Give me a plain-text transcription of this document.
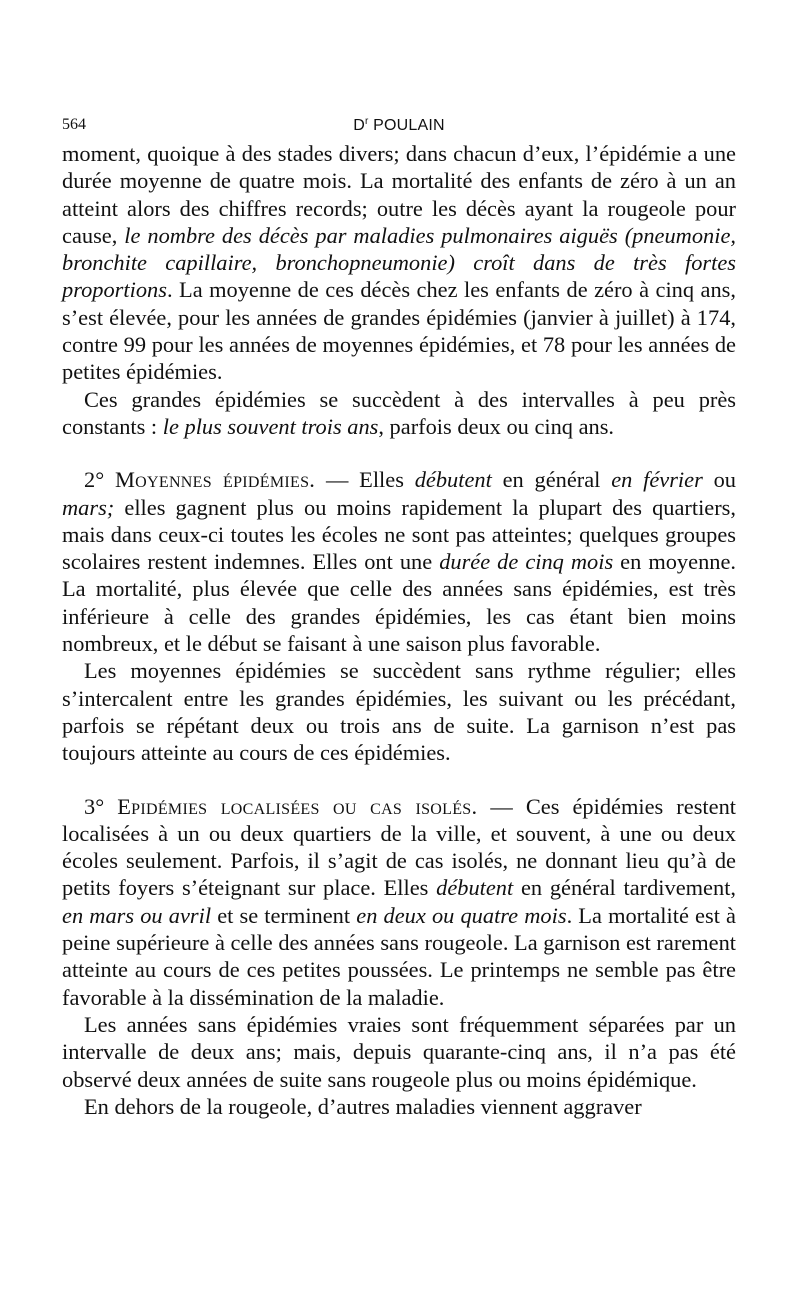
564	$D^r$ POULAIN

moment, quoique à des stades divers; dans chacun d’eux, l’épidémie a une durée moyenne de quatre mois. La mortalité des enfants de zéro à un an atteint alors des chiffres records; outre les décès ayant la rougeole pour cause, le nombre des décès par maladies pulmonaires aiguës (pneumonie, bronchite capillaire, bronchopneumonie) croît dans de très fortes proportions. La moyenne de ces décès chez les enfants de zéro à cinq ans, s’est élevée, pour les années de grandes épidémies (janvier à juillet) à 174, contre 99 pour les années de moyennes épidémies, et 78 pour les années de petites épidémies.

Ces grandes épidémies se succèdent à des intervalles à peu près constants : le plus souvent trois ans, parfois deux ou cinq ans.

2° Moyennes épidémies. — Elles débutent en général en février ou mars; elles gagnent plus ou moins rapidement la plupart des quartiers, mais dans ceux-ci toutes les écoles ne sont pas atteintes; quelques groupes scolaires restent indemnes. Elles ont une durée de cinq mois en moyenne. La mortalité, plus élevée que celle des années sans épidémies, est très inférieure à celle des grandes épidémies, les cas étant bien moins nombreux, et le début se faisant à une saison plus favorable.

Les moyennes épidémies se succèdent sans rythme régulier; elles s’intercalent entre les grandes épidémies, les suivant ou les précédant, parfois se répétant deux ou trois ans de suite. La garnison n’est pas toujours atteinte au cours de ces épidémies.

3° Epidémies localisées ou cas isolés. — Ces épidémies restent localisées à un ou deux quartiers de la ville, et souvent, à une ou deux écoles seulement. Parfois, il s’agit de cas isolés, ne donnant lieu qu’à de petits foyers s’éteignant sur place. Elles débutent en général tardivement, en mars ou avril et se terminent en deux ou quatre mois. La mortalité est à peine supérieure à celle des années sans rougeole. La garnison est rarement atteinte au cours de ces petites poussées. Le printemps ne semble pas être favorable à la dissémination de la maladie.

Les années sans épidémies vraies sont fréquemment séparées par un intervalle de deux ans; mais, depuis quarante-cinq ans, il n’a pas été observé deux années de suite sans rougeole plus ou moins épidémique.

En dehors de la rougeole, d’autres maladies viennent aggraver
